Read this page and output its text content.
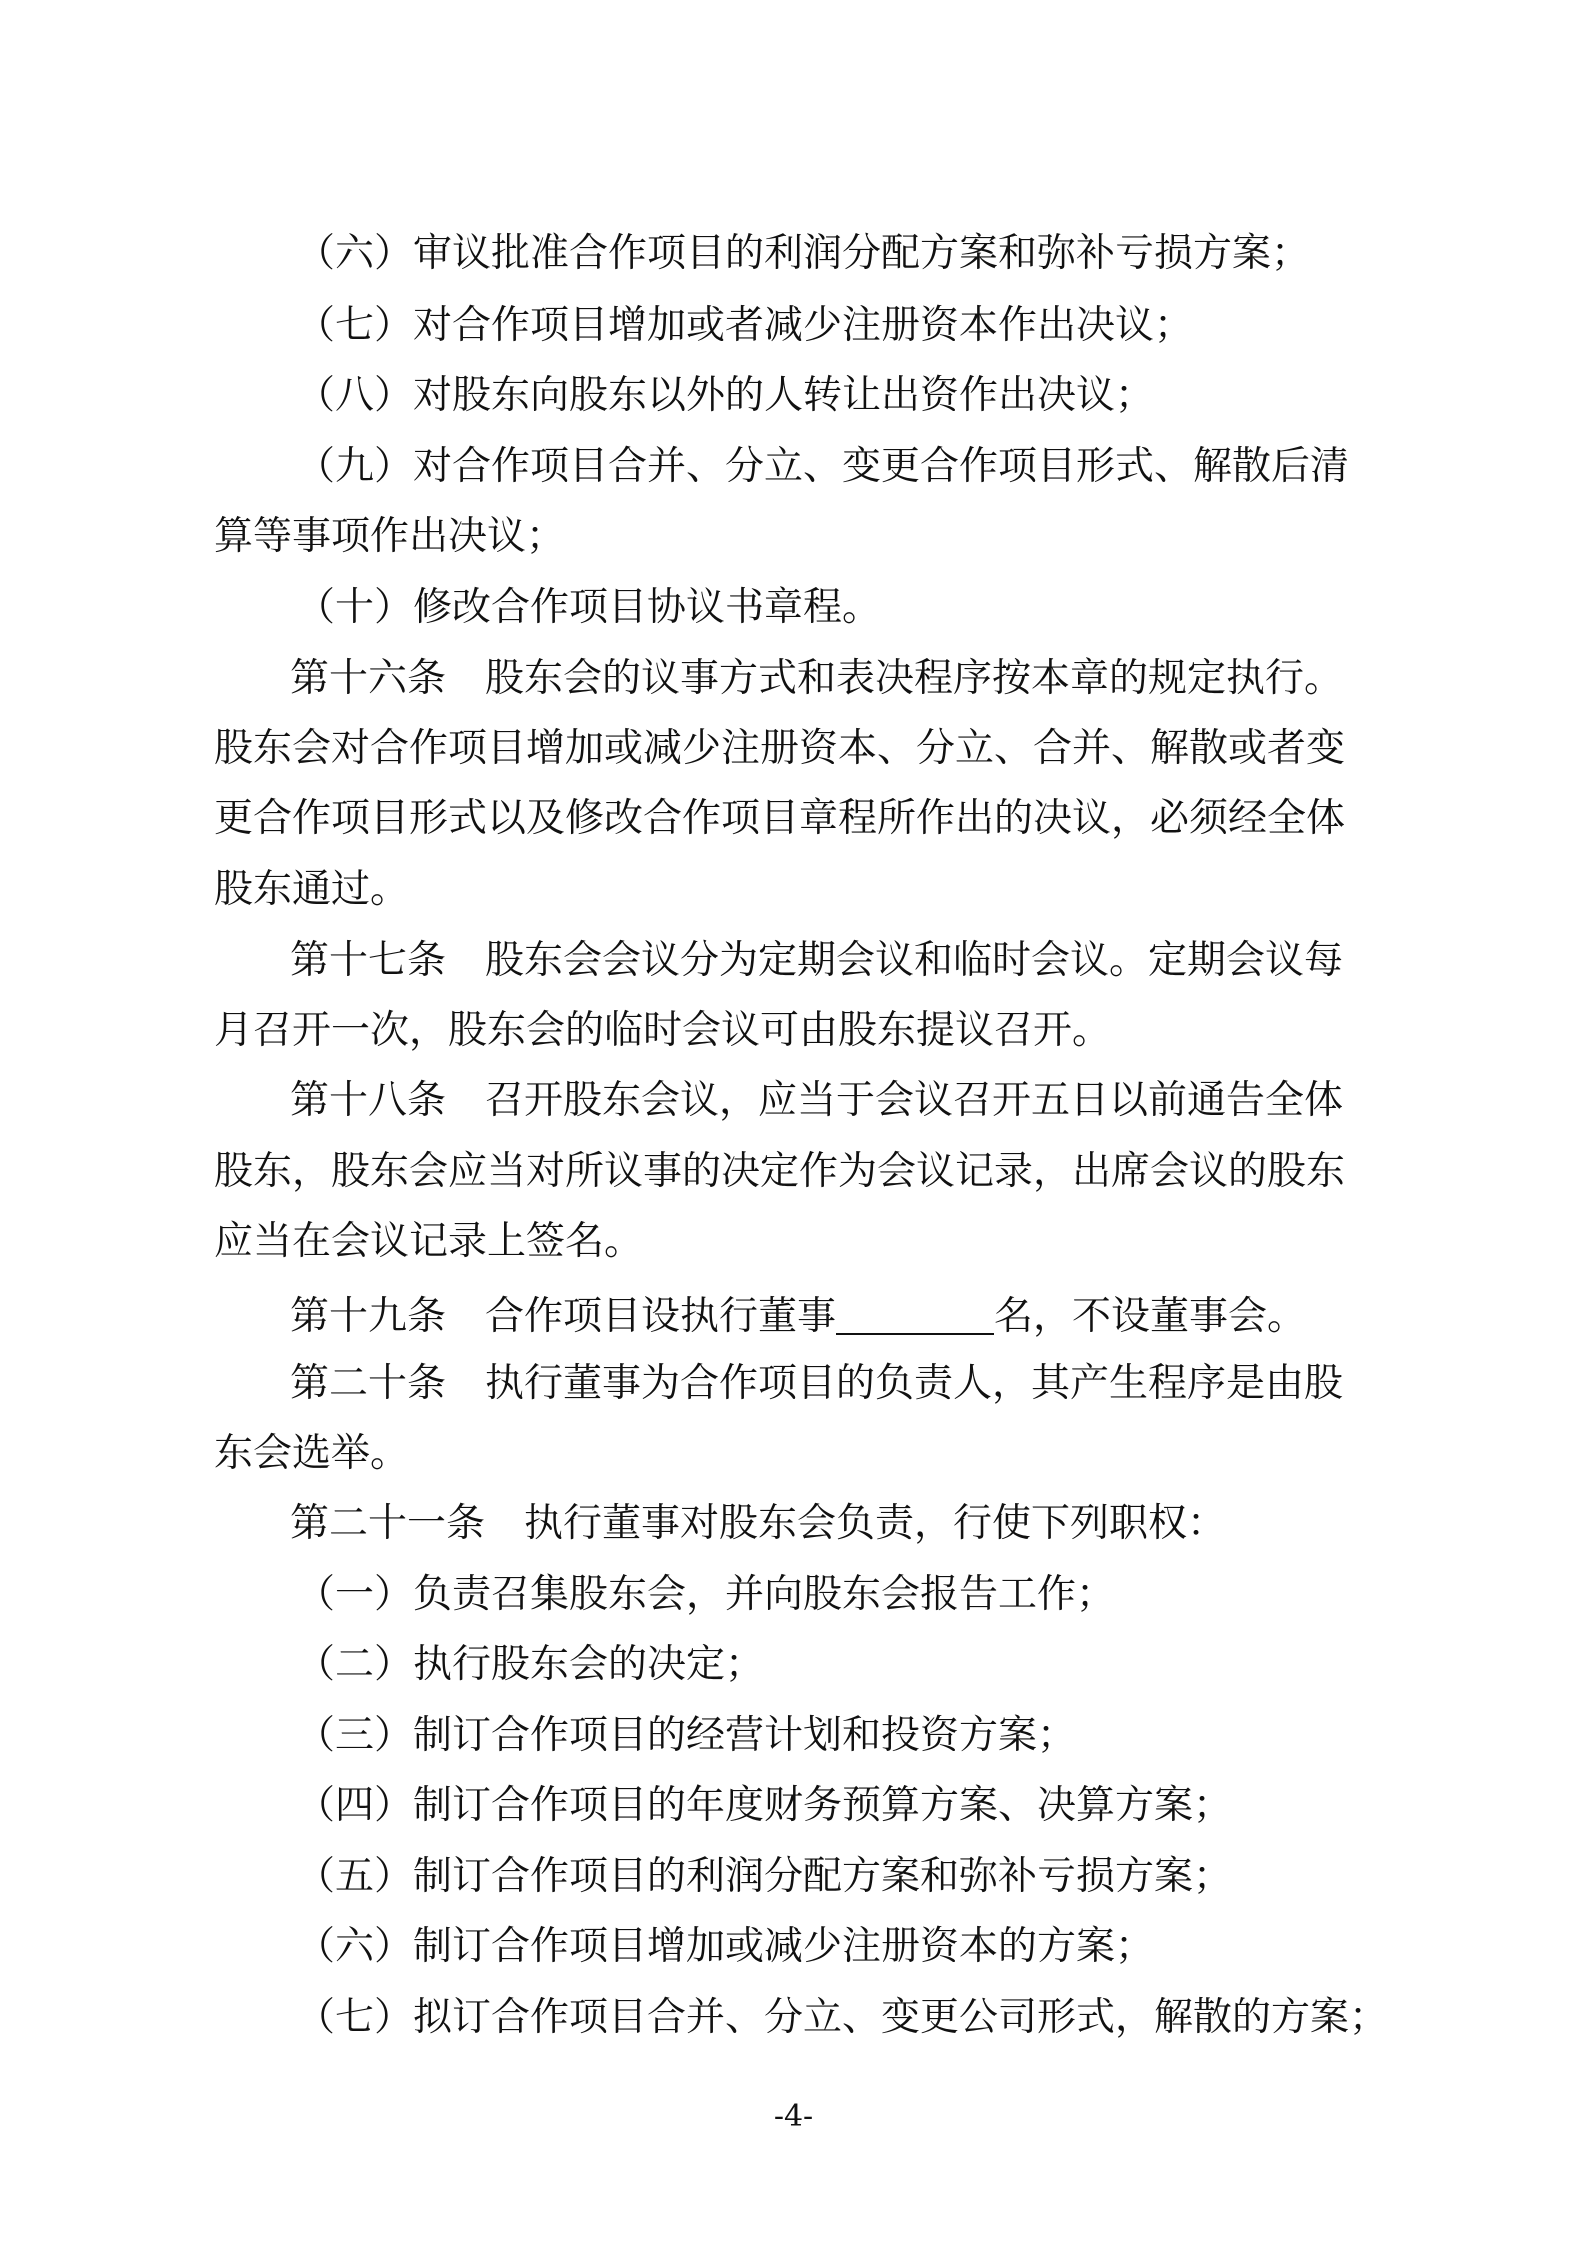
（六）审议批准合作项目的利润分配方案和弥补亏损方案；
（七）对合作项目增加或者减少注册资本作出决议；
（八）对股东向股东以外的人转让出资作出决议；
（九）对合作项目合并、分立、变更合作项目形式、解散后清
算等事项作出决议；
（十）修改合作项目协议书章程。
第十六条　股东会的议事方式和表决程序按本章的规定执行。
股东会对合作项目增加或减少注册资本、分立、合并、解散或者变
更合作项目形式以及修改合作项目章程所作出的决议，必须经全体
股东通过。
第十七条　股东会会议分为定期会议和临时会议。定期会议每
月召开一次，股东会的临时会议可由股东提议召开。
第十八条　召开股东会议，应当于会议召开五日以前通告全体
股东，股东会应当对所议事的决定作为会议记录，出席会议的股东
应当在会议记录上签名。
第十九条　合作项目设执行董事	名，不设董事会。
第二十条　执行董事为合作项目的负责人，其产生程序是由股
东会选举。
第二十一条　执行董事对股东会负责，行使下列职权：
（一）负责召集股东会，并向股东会报告工作；
（二）执行股东会的决定；
（三）制订合作项目的经营计划和投资方案；
（四）制订合作项目的年度财务预算方案、决算方案；
（五）制订合作项目的利润分配方案和弥补亏损方案；
（六）制订合作项目增加或减少注册资本的方案；
（七）拟订合作项目合并、分立、变更公司形式，解散的方案；
-4-
